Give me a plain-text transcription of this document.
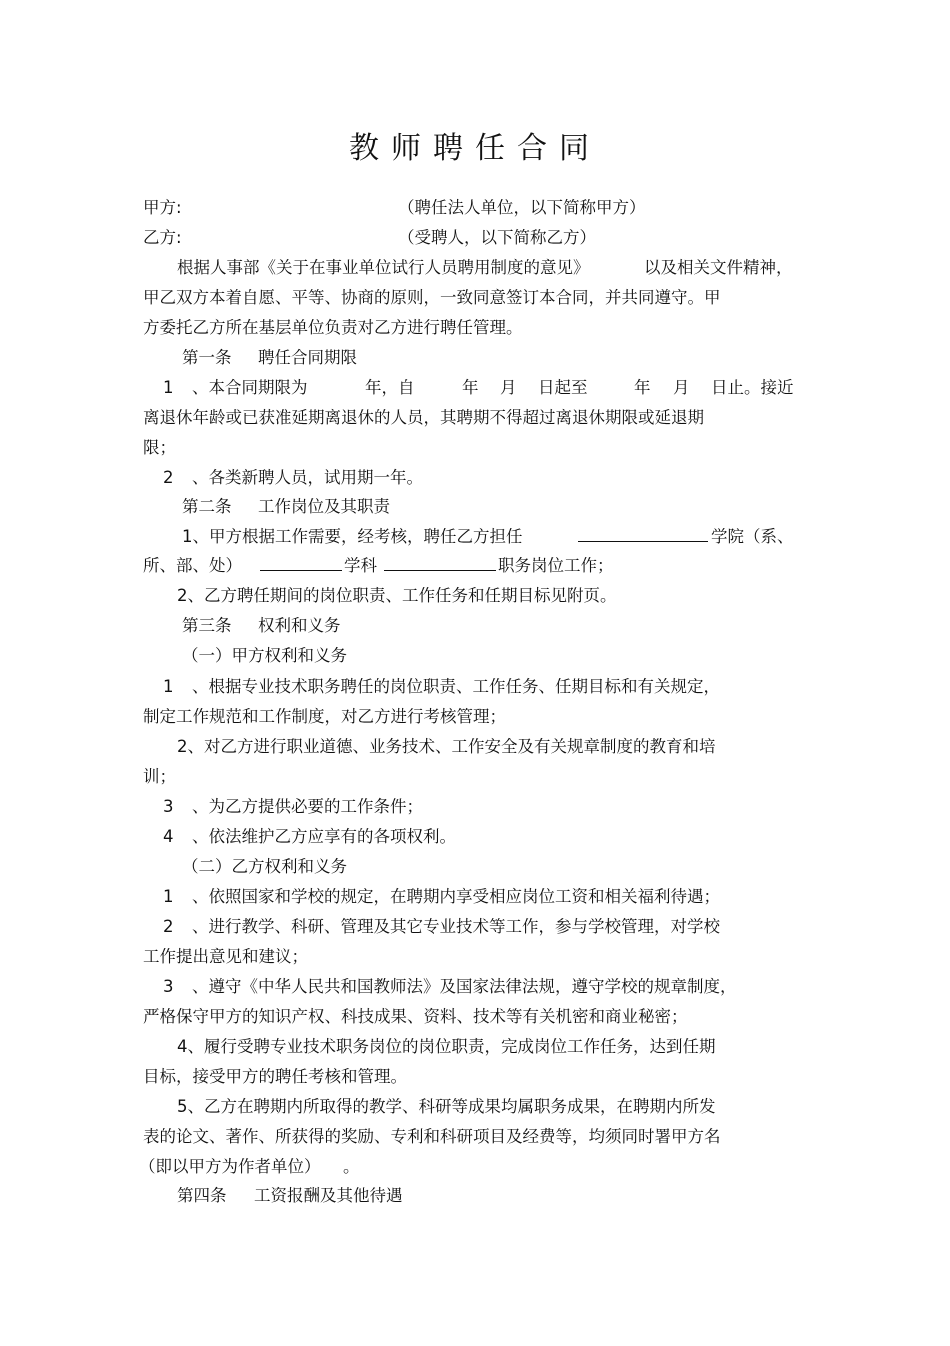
教师聘任合同
甲方:	（聘任法人单位，以下简称甲方）
乙方:	（受聘人，以下简称乙方）
根据人事部《关于在事业单位试行人员聘用制度的意见》	以及相关文件精神，
甲乙双方本着自愿、平等、协商的原则，一致同意签订本合同，并共同遵守。甲
方委托乙方所在基层单位负责对乙方进行聘任管理。
第一条 聘任合同期限
1 、本合同期限为	年，自	年 月 日起至	年 月 日止。接近
离退休年龄或已获准延期离退休的人员，其聘期不得超过离退休期限或延退期
限；
2 、各类新聘人员，试用期一年。
第二条 工作岗位及其职责
1、甲方根据工作需要，经考核，聘任乙方担任	学院（系、
所、部、处）	学科	职务岗位工作；
2、乙方聘任期间的岗位职责、工作任务和任期目标见附页。
第三条 权利和义务
（一）甲方权利和义务
1 、根据专业技术职务聘任的岗位职责、工作任务、任期目标和有关规定，
制定工作规范和工作制度，对乙方进行考核管理；
2、对乙方进行职业道德、业务技术、工作安全及有关规章制度的教育和培
训；
3 、为乙方提供必要的工作条件；
4 、依法维护乙方应享有的各项权利。
（二）乙方权利和义务
1 、依照国家和学校的规定，在聘期内享受相应岗位工资和相关福利待遇；
2 、进行教学、科研、管理及其它专业技术等工作，参与学校管理，对学校
工作提出意见和建议；
3 、遵守《中华人民共和国教师法》及国家法律法规，遵守学校的规章制度，
严格保守甲方的知识产权、科技成果、资料、技术等有关机密和商业秘密；
4、履行受聘专业技术职务岗位的岗位职责，完成岗位工作任务，达到任期
目标，接受甲方的聘任考核和管理。
5、乙方在聘期内所取得的教学、科研等成果均属职务成果，在聘期内所发
表的论文、著作、所获得的奖励、专利和科研项目及经费等，均须同时署甲方名
（即以甲方为作者单位） 。
第四条 工资报酬及其他待遇
